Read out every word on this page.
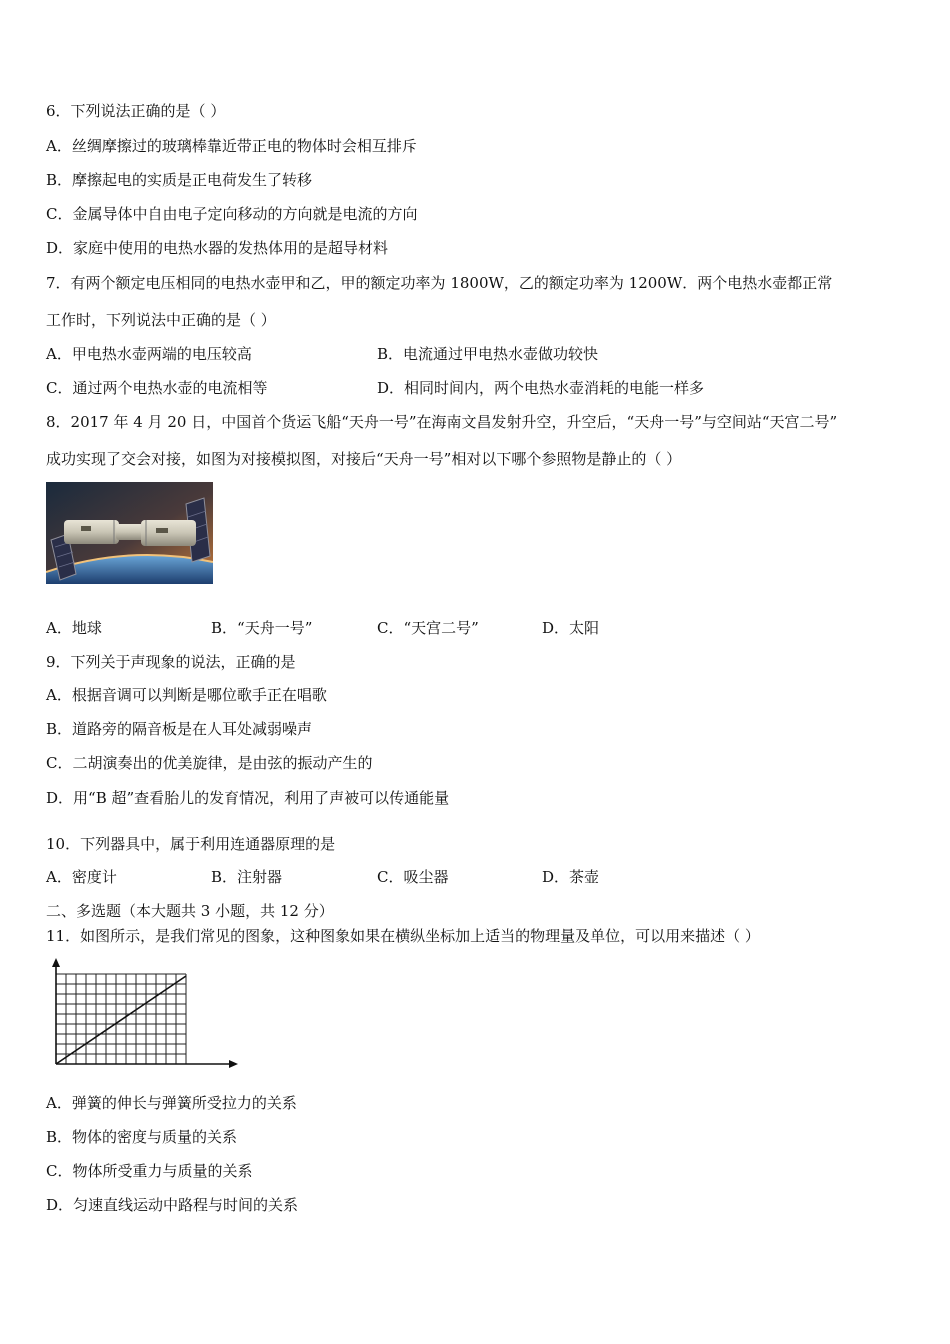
6．下列说法正确的是（ ）
A．丝绸摩擦过的玻璃棒靠近带正电的物体时会相互排斥
B．摩擦起电的实质是正电荷发生了转移
C．金属导体中自由电子定向移动的方向就是电流的方向
D．家庭中使用的电热水器的发热体用的是超导材料
7．有两个额定电压相同的电热水壶甲和乙，甲的额定功率为 1800W，乙的额定功率为 1200W．两个电热水壶都正常
工作时，下列说法中正确的是（ ）
A．甲电热水壶两端的电压较高	B．电流通过甲电热水壶做功较快
C．通过两个电热水壶的电流相等	D．相同时间内，两个电热水壶消耗的电能一样多
8．2017 年 4 月 20 日，中国首个货运飞船“天舟一号”在海南文昌发射升空，升空后，“天舟一号”与空间站“天宫二号”
成功实现了交会对接，如图为对接模拟图，对接后“天舟一号”相对以下哪个参照物是静止的（ ）
A．地球	B．“天舟一号”	C．“天宫二号”	D．太阳
9．下列关于声现象的说法，正确的是
A．根据音调可以判断是哪位歌手正在唱歌
B．道路旁的隔音板是在人耳处减弱噪声
C．二胡演奏出的优美旋律，是由弦的振动产生的
D．用“B 超”查看胎儿的发育情况，利用了声被可以传通能量
10．下列器具中，属于利用连通器原理的是
A．密度计	B．注射器	C．吸尘器	D．茶壶
二、多选题（本大题共 3 小题，共 12 分）
11．如图所示，是我们常见的图象，这种图象如果在横纵坐标加上适当的物理量及单位，可以用来描述（ ）
A．弹簧的伸长与弹簧所受拉力的关系
B．物体的密度与质量的关系
C．物体所受重力与质量的关系
D．匀速直线运动中路程与时间的关系
